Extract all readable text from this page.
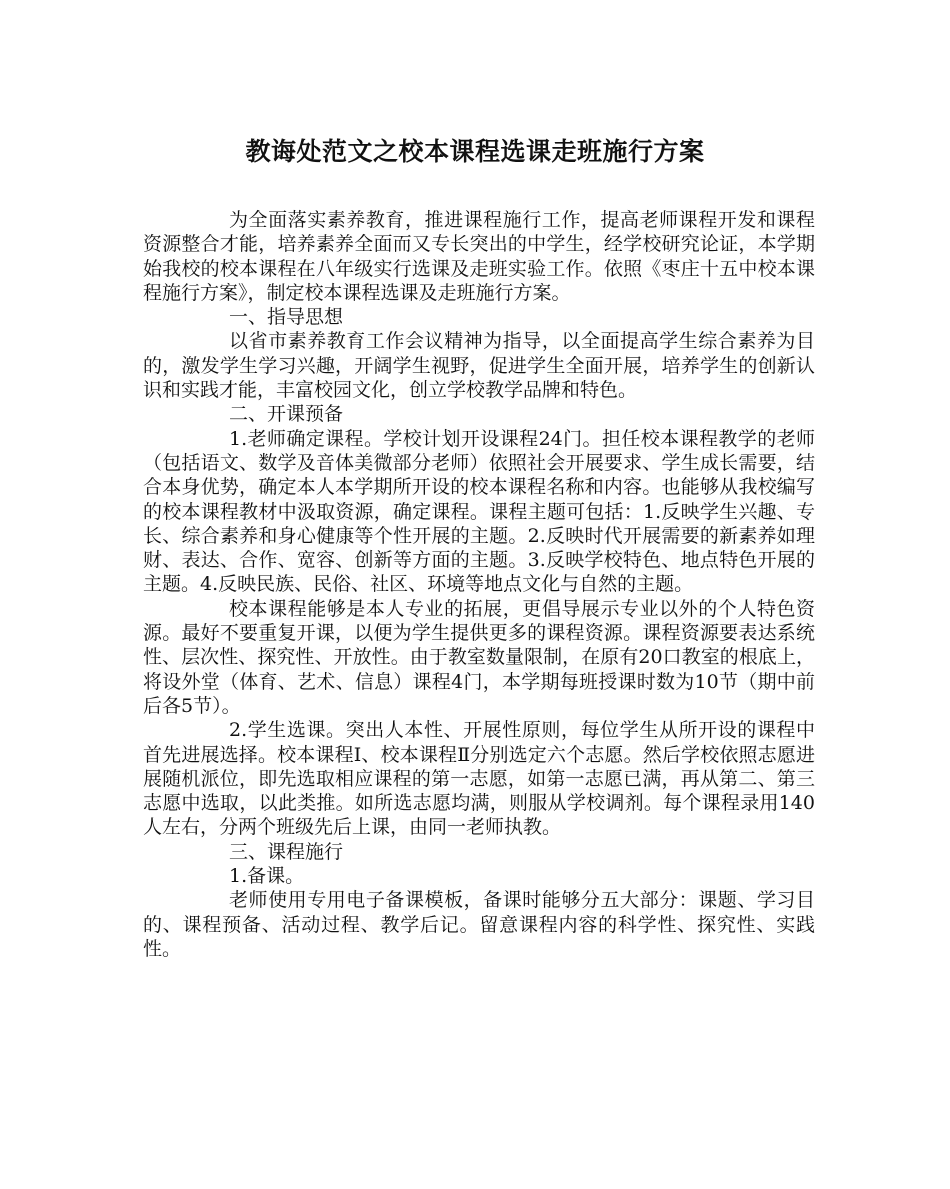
教诲处范文之校本课程选课走班施行方案

为全面落实素养教育，推进课程施行工作，提高老师课程开发和课程资源整合才能，培养素养全面而又专长突出的中学生，经学校研究论证，本学期始我校的校本课程在八年级实行选课及走班实验工作。依照《枣庄十五中校本课程施行方案》，制定校本课程选课及走班施行方案。

一、指导思想

以省市素养教育工作会议精神为指导，以全面提高学生综合素养为目的，激发学生学习兴趣，开阔学生视野，促进学生全面开展，培养学生的创新认识和实践才能，丰富校园文化，创立学校教学品牌和特色。

二、开课预备

1.老师确定课程。学校计划开设课程24门。担任校本课程教学的老师（包括语文、数学及音体美微部分老师）依照社会开展要求、学生成长需要，结合本身优势，确定本人本学期所开设的校本课程名称和内容。也能够从我校编写的校本课程教材中汲取资源，确定课程。课程主题可包括：1.反映学生兴趣、专长、综合素养和身心健康等个性开展的主题。2.反映时代开展需要的新素养如理财、表达、合作、宽容、创新等方面的主题。3.反映学校特色、地点特色开展的主题。4.反映民族、民俗、社区、环境等地点文化与自然的主题。

校本课程能够是本人专业的拓展，更倡导展示专业以外的个人特色资源。最好不要重复开课，以便为学生提供更多的课程资源。课程资源要表达系统性、层次性、探究性、开放性。由于教室数量限制，在原有20口教室的根底上，将设外堂（体育、艺术、信息）课程4门，本学期每班授课时数为10节（期中前后各5节）。

2.学生选课。突出人本性、开展性原则，每位学生从所开设的课程中首先进展选择。校本课程Ⅰ、校本课程Ⅱ分别选定六个志愿。然后学校依照志愿进展随机派位，即先选取相应课程的第一志愿，如第一志愿已满，再从第二、第三志愿中选取，以此类推。如所选志愿均满，则服从学校调剂。每个课程录用140人左右，分两个班级先后上课，由同一老师执教。

三、课程施行

1.备课。

老师使用专用电子备课模板，备课时能够分五大部分：课题、学习目的、课程预备、活动过程、教学后记。留意课程内容的科学性、探究性、实践性。
